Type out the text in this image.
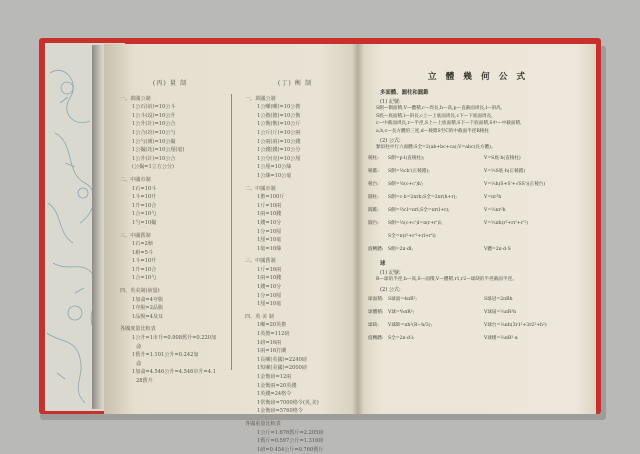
(丙) 量 制
一、萬國公制
1公石(竡)=10公斗
1公斗(竐)=10公升
1公升(竍)=10公合
1公合(竕)=10公勺
1公勺(竰)=10公撮
1公撮(竓)=10公厘(毫)
1公升(竍)=10公合
(公撮=1立方公分)
二、中國市制
1石=10斗
1斗=10升
1升=10合
1合=10勺
1勺=10撮
三、中國舊制
1石=2斛
1斛=5斗
1斗=10升
1升=10合
1合=10勺
四、英美制(液量)
1加侖=4夸脫
1夸脫=2品脫
1品脫=4及耳
各國度量比較表
1公升=1市升=0.908舊升=0.220加
侖
1舊升=1.101公升=0.242加
侖
1加侖=4.546公升=4.546市升=4.1
28舊升
(丁) 衡 制
一、萬國公制
1公噸(噸)=10公擔
1公擔(擔)=10公衡
1公衡(衡)=10公斤
1公斤(斤)=10公兩
1公兩(兩)=10公錢
1公錢(錢)=10公分
1公分(克)=10公厘
1公厘=10公絲
1公絲=10公毫
二、中國市制
1擔=100斤
1斤=10兩
1兩=10錢
1錢=10分
1分=10厘
1厘=10毫
1毫=10絲
三、中國舊制
1斤=16兩
1兩=10錢
1錢=10分
1分=10厘
1厘=10毫
四、英 美 制
1噸=20英擔
1英擔=112磅
1磅=16兩
1兩=16打蘭
1長噸(英國)=2240磅
1短噸(美國)=2000磅
1金衡磅=12兩
1金衡兩=20英錢
1英錢=24格令
1常衡磅=7000格令(英,美)
1金衡磅=5760格令
各國重量比較表
1公斤=1.676舊斤=2.205磅
1舊斤=0.597公斤=1.316磅
1磅=0.454公斤=0.760舊斤
立 體 幾 何 公 式
多面體、圓柱和圓錐
(1) 記號:
S側—側面積,V—體積,c—周長,h—高,p—直截面周長,l—斜高,
S底—底面積,l—斜長,c上—上底面周長,c下—下底面周長,
c—中截面周長,r—半徑,S上—上底面積,S下—下底面積,S中—中截面積,
a,b,c—長方體的三度,d—稜錐S至C的中截面半徑R稜柱
(2) 公式:
類似柱中行六面體:S全=2(ab+bc+ca);V=abc(長方體)。
稜柱:	S側=p·l(直稜柱);	V=S底·h(直稜柱)
稜錐:	S側=½ch'(正稜錐);	V=⅓S底·h(正稜錐)
稜台:	S側=½(c+c')h';	V=⅓h(S+S'+√SS')(正稜台)
圓柱:	S側=c·h=2πrh;S全=2πr(h+r);	V=πr²h
圓錐:	S側=½cl=πrl;S全=πr(l+r);	V=⅓πr²h
圓台:	S側=½(c+c')l=π(r+r')l;	V=⅓πh(r²+rr'+r'²)
S全=π(r²+r'²+rl+r'l)
旋轉體:	S側=2π·dl;	V體=2π·d·S
球
(1) 記號:
R—球的半徑,h—高,S—面積,V—體積,r1,r2—球缺的半徑截面半徑。
(2) 公式:
球面積:	S球面=4πR²;	S球冠=2πRh
球體積:	V球=⁴⁄₃πR³;	V球扇=⅔πR²h
球缺:	V球缺=πh²(R−h/3);	V球台=⅙πh(3r1²+3r2²+h²)
旋轉體:	S全=2π·d·l;	V球楔=⅔πR³·α
